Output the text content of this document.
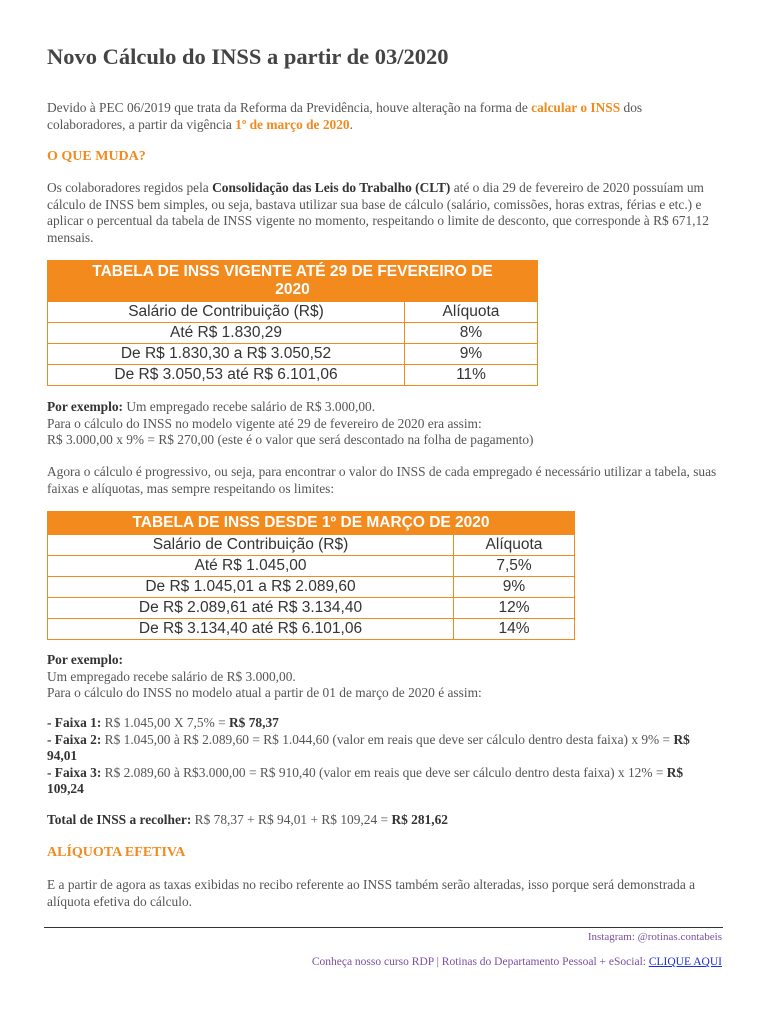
Novo Cálculo do INSS a partir de 03/2020

Devido à PEC 06/2019 que trata da Reforma da Previdência, houve alteração na forma de calcular o INSS dos colaboradores, a partir da vigência 1º de março de 2020.

O QUE MUDA?

Os colaboradores regidos pela Consolidação das Leis do Trabalho (CLT) até o dia 29 de fevereiro de 2020 possuíam um cálculo de INSS bem simples, ou seja, bastava utilizar sua base de cálculo (salário, comissões, horas extras, férias e etc.) e aplicar o percentual da tabela de INSS vigente no momento, respeitando o limite de desconto, que corresponde à R$ 671,12 mensais.

TABELA DE INSS VIGENTE ATÉ 29 DE FEVEREIRO DE
2020	
Salário de Contribuição (R$)	Alíquota
Até R$ 1.830,29	8%
De R$ 1.830,30 a R$ 3.050,52	9%
De R$ 3.050,53 até R$ 6.101,06	11%

Por exemplo: Um empregado recebe salário de R$ 3.000,00.
Para o cálculo do INSS no modelo vigente até 29 de fevereiro de 2020 era assim:
R$ 3.000,00 x 9% = R$ 270,00 (este é o valor que será descontado na folha de pagamento)

Agora o cálculo é progressivo, ou seja, para encontrar o valor do INSS de cada empregado é necessário utilizar a tabela, suas faixas e alíquotas, mas sempre respeitando os limites:

TABELA DE INSS DESDE 1º DE MARÇO DE 2020	
Salário de Contribuição (R$)	Alíquota
Até R$ 1.045,00	7,5%
De R$ 1.045,01 a R$ 2.089,60	9%
De R$ 2.089,61 até R$ 3.134,40	12%
De R$ 3.134,40 até R$ 6.101,06	14%

Por exemplo:
Um empregado recebe salário de R$ 3.000,00.
Para o cálculo do INSS no modelo atual a partir de 01 de março de 2020 é assim:

- Faixa 1: R$ 1.045,00 X 7,5% = R$ 78,37
- Faixa 2: R$ 1.045,00 à R$ 2.089,60 = R$ 1.044,60 (valor em reais que deve ser cálculo dentro desta faixa) x 9% = R$ 94,01
- Faixa 3: R$ 2.089,60 à R$3.000,00 = R$ 910,40 (valor em reais que deve ser cálculo dentro desta faixa) x 12% = R$ 109,24

Total de INSS a recolher: R$ 78,37 + R$ 94,01 + R$ 109,24 = R$ 281,62

ALÍQUOTA EFETIVA

E a partir de agora as taxas exibidas no recibo referente ao INSS também serão alteradas, isso porque será demonstrada a alíquota efetiva do cálculo.

Instagram: @rotinas.contabeis
Conheça nosso curso RDP | Rotinas do Departamento Pessoal + eSocial: CLIQUE AQUI
